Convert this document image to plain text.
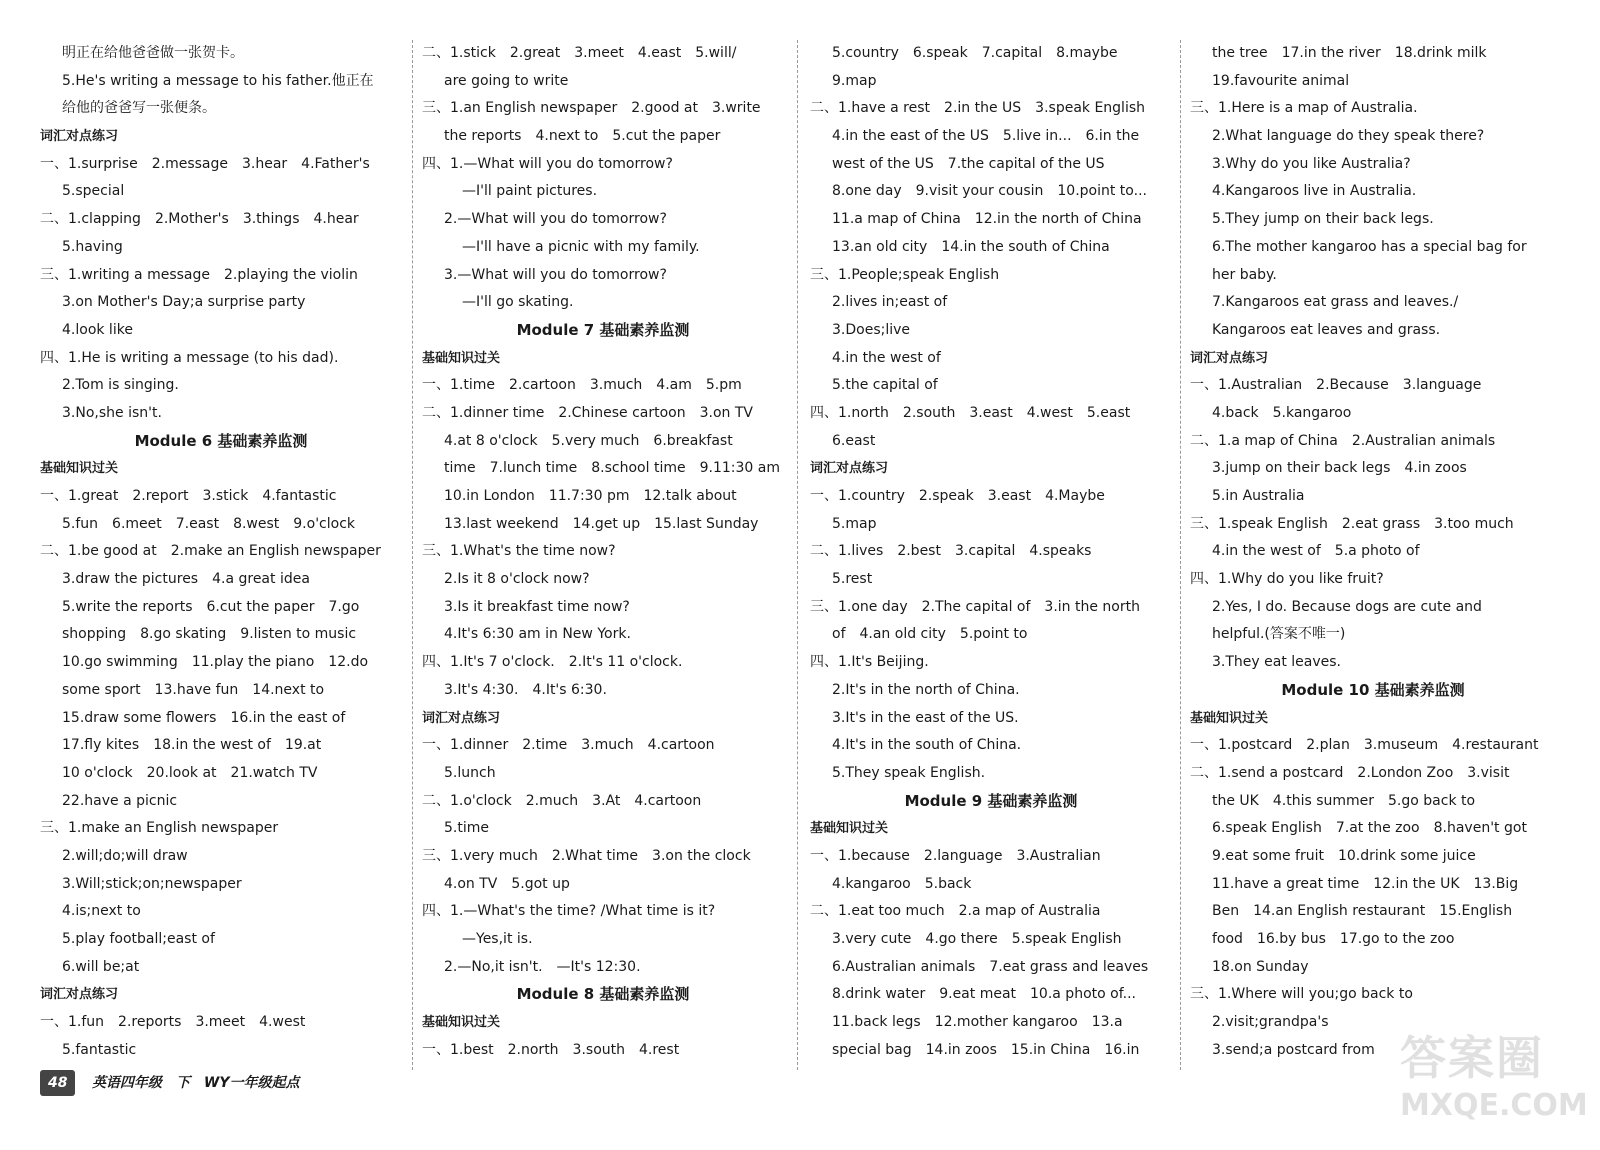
明正在给他爸爸做一张贺卡。
5.He's writing a message to his father.他正在
给他的爸爸写一张便条。
词汇对点练习
一、1.surprise　2.message　3.hear　4.Father's
5.special
二、1.clapping　2.Mother's　3.things　4.hear
5.having
三、1.writing a message　2.playing the violin
3.on Mother's Day;a surprise party
4.look like
四、1.He is writing a message (to his dad).
2.Tom is singing.
3.No,she isn't.
Module 6 基础素养监测
基础知识过关
一、1.great　2.report　3.stick　4.fantastic
5.fun　6.meet　7.east　8.west　9.o'clock
二、1.be good at　2.make an English newspaper
3.draw the pictures　4.a great idea
5.write the reports　6.cut the paper　7.go
shopping　8.go skating　9.listen to music
10.go swimming　11.play the piano　12.do
some sport　13.have fun　14.next to
15.draw some flowers　16.in the east of
17.fly kites　18.in the west of　19.at
10 o'clock　20.look at　21.watch TV
22.have a picnic
三、1.make an English newspaper
2.will;do;will draw
3.Will;stick;on;newspaper
4.is;next to
5.play football;east of
6.will be;at
词汇对点练习
一、1.fun　2.reports　3.meet　4.west
5.fantastic
二、1.stick　2.great　3.meet　4.east　5.will/
are going to write
三、1.an English newspaper　2.good at　3.write
the reports　4.next to　5.cut the paper
四、1.—What will you do tomorrow?
—I'll paint pictures.
2.—What will you do tomorrow?
—I'll have a picnic with my family.
3.—What will you do tomorrow?
—I'll go skating.
Module 7 基础素养监测
基础知识过关
一、1.time　2.cartoon　3.much　4.am　5.pm
二、1.dinner time　2.Chinese cartoon　3.on TV
4.at 8 o'clock　5.very much　6.breakfast
time　7.lunch time　8.school time　9.11:30 am
10.in London　11.7:30 pm　12.talk about
13.last weekend　14.get up　15.last Sunday
三、1.What's the time now?
2.Is it 8 o'clock now?
3.Is it breakfast time now?
4.It's 6:30 am in New York.
四、1.It's 7 o'clock.　2.It's 11 o'clock.
3.It's 4:30.　4.It's 6:30.
词汇对点练习
一、1.dinner　2.time　3.much　4.cartoon
5.lunch
二、1.o'clock　2.much　3.At　4.cartoon
5.time
三、1.very much　2.What time　3.on the clock
4.on TV　5.got up
四、1.—What's the time? /What time is it?
—Yes,it is.
2.—No,it isn't.　—It's 12:30.
Module 8 基础素养监测
基础知识过关
一、1.best　2.north　3.south　4.rest
5.country　6.speak　7.capital　8.maybe
9.map
二、1.have a rest　2.in the US　3.speak English
4.in the east of the US　5.live in...　6.in the
west of the US　7.the capital of the US
8.one day　9.visit your cousin　10.point to...
11.a map of China　12.in the north of China
13.an old city　14.in the south of China
三、1.People;speak English
2.lives in;east of
3.Does;live
4.in the west of
5.the capital of
四、1.north　2.south　3.east　4.west　5.east
6.east
词汇对点练习
一、1.country　2.speak　3.east　4.Maybe
5.map
二、1.lives　2.best　3.capital　4.speaks
5.rest
三、1.one day　2.The capital of　3.in the north
of　4.an old city　5.point to
四、1.It's Beijing.
2.It's in the north of China.
3.It's in the east of the US.
4.It's in the south of China.
5.They speak English.
Module 9 基础素养监测
基础知识过关
一、1.because　2.language　3.Australian
4.kangaroo　5.back
二、1.eat too much　2.a map of Australia
3.very cute　4.go there　5.speak English
6.Australian animals　7.eat grass and leaves
8.drink water　9.eat meat　10.a photo of...
11.back legs　12.mother kangaroo　13.a
special bag　14.in zoos　15.in China　16.in
the tree　17.in the river　18.drink milk
19.favourite animal
三、1.Here is a map of Australia.
2.What language do they speak there?
3.Why do you like Australia?
4.Kangaroos live in Australia.
5.They jump on their back legs.
6.The mother kangaroo has a special bag for
her baby.
7.Kangaroos eat grass and leaves./
Kangaroos eat leaves and grass.
词汇对点练习
一、1.Australian　2.Because　3.language
4.back　5.kangaroo
二、1.a map of China　2.Australian animals
3.jump on their back legs　4.in zoos
5.in Australia
三、1.speak English　2.eat grass　3.too much
4.in the west of　5.a photo of
四、1.Why do you like fruit?
2.Yes, I do. Because dogs are cute and
helpful.(答案不唯一)
3.They eat leaves.
Module 10 基础素养监测
基础知识过关
一、1.postcard　2.plan　3.museum　4.restaurant
二、1.send a postcard　2.London Zoo　3.visit
the UK　4.this summer　5.go back to
6.speak English　7.at the zoo　8.haven't got
9.eat some fruit　10.drink some juice
11.have a great time　12.in the UK　13.Big
Ben　14.an English restaurant　15.English
food　16.by bus　17.go to the zoo
18.on Sunday
三、1.Where will you;go back to
2.visit;grandpa's
3.send;a postcard from
48 英语四年级　下　WY一年级起点	答案圈
MXQE.COM
